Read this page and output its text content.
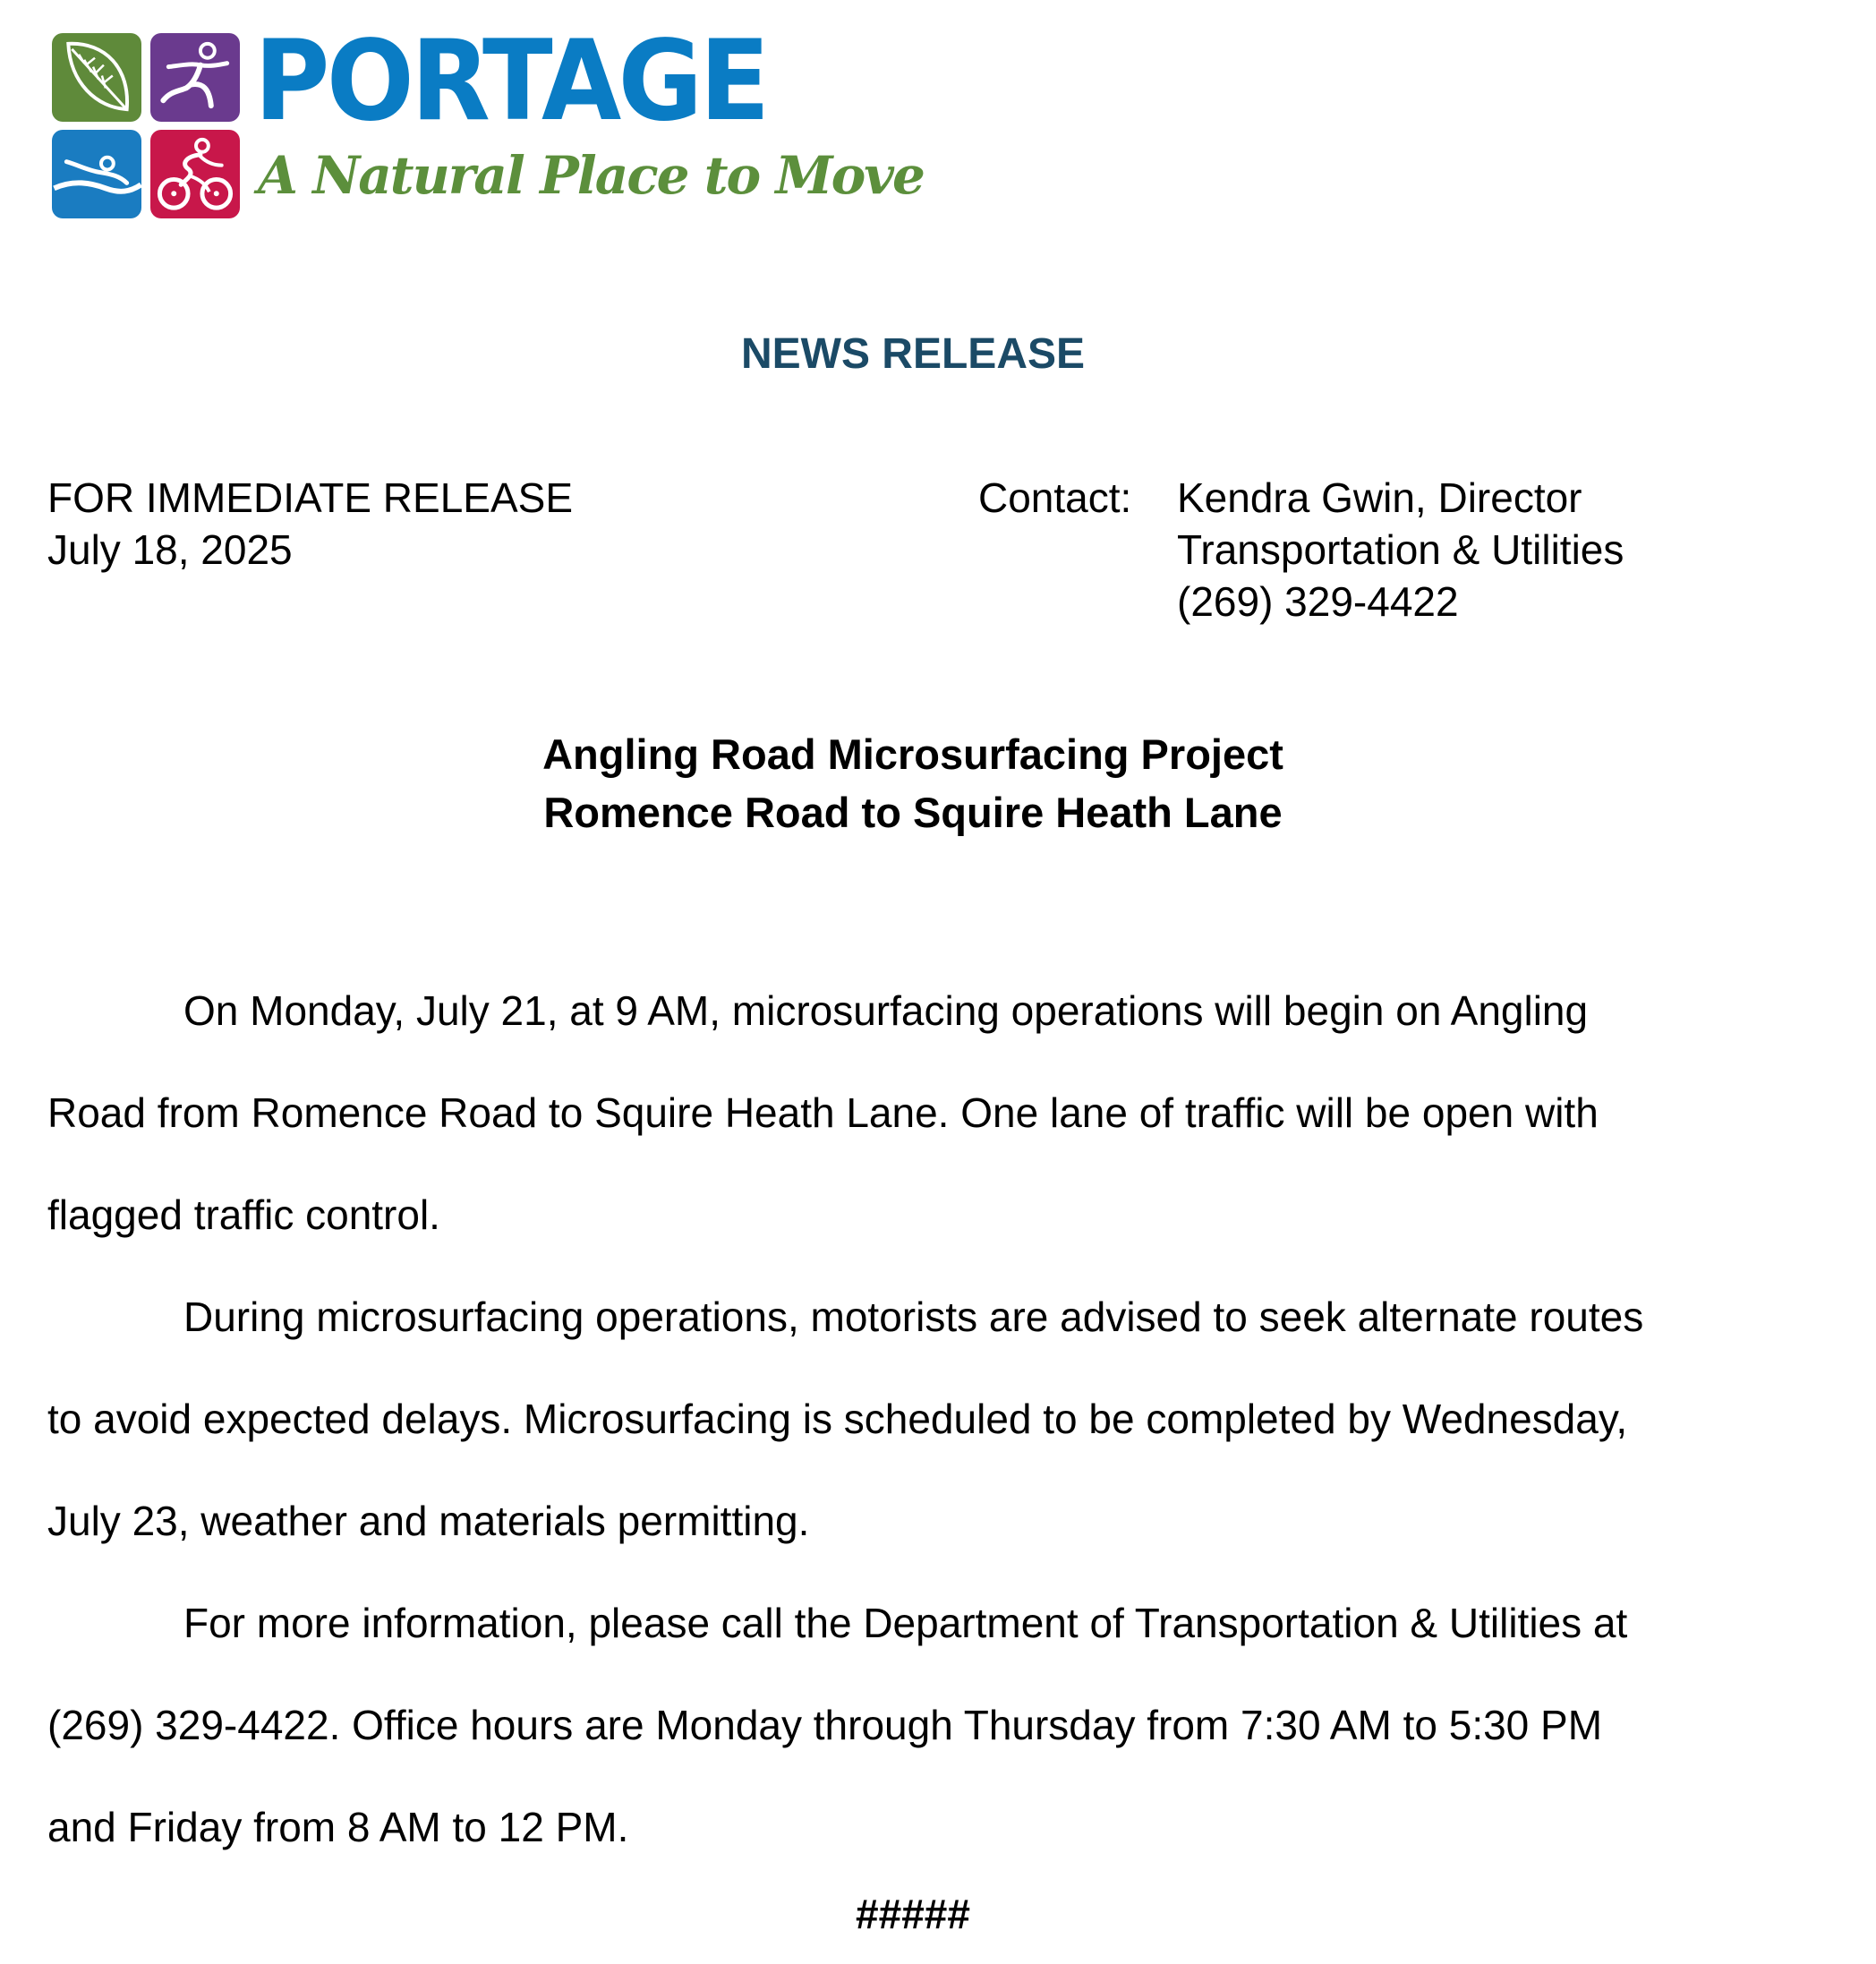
PORTAGE
A Natural Place to Move
NEWS RELEASE
FOR IMMEDIATE RELEASE
July 18, 2025
Contact: Kendra Gwin, Director
Transportation & Utilities
(269) 329-4422
Angling Road Microsurfacing Project
Romence Road to Squire Heath Lane
On Monday, July 21, at 9 AM, microsurfacing operations will begin on Angling
Road from Romence Road to Squire Heath Lane. One lane of traffic will be open with
flagged traffic control.
During microsurfacing operations, motorists are advised to seek alternate routes
to avoid expected delays. Microsurfacing is scheduled to be completed by Wednesday,
July 23, weather and materials permitting.
For more information, please call the Department of Transportation & Utilities at
(269) 329-4422. Office hours are Monday through Thursday from 7:30 AM to 5:30 PM
and Friday from 8 AM to 12 PM.
#####
